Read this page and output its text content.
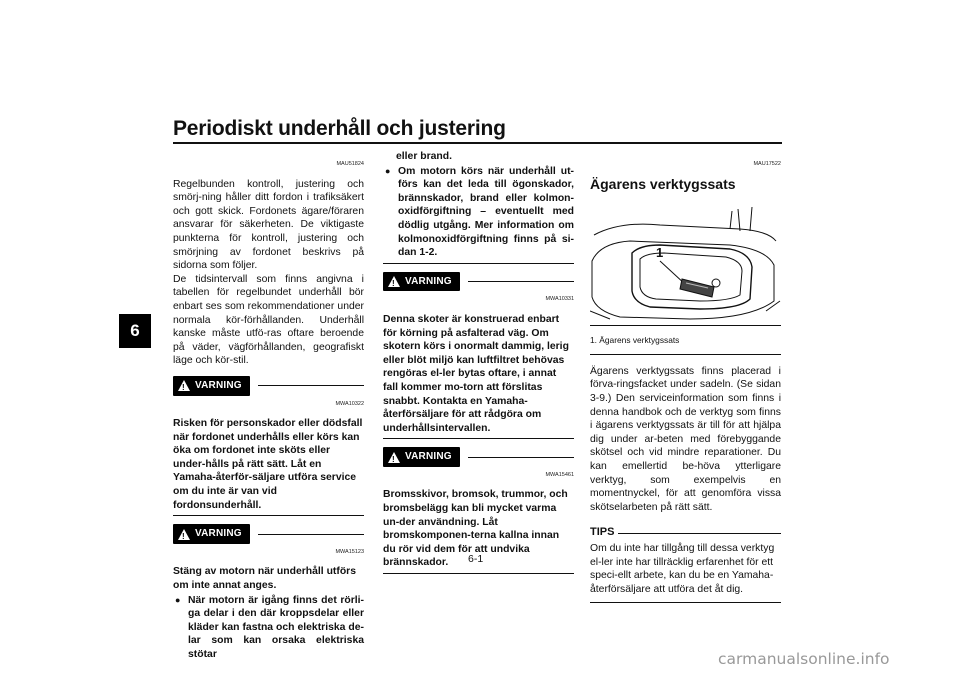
Periodiskt underhåll och justering
6
MAU51824

Regelbunden kontroll, justering och smörj-ning håller ditt fordon i trafiksäkert och gott skick. Fordonets ägare/föraren ansvarar för säkerheten. De viktigaste punkterna för kontroll, justering och smörjning av fordonet beskrivs på sidorna som följer.

De tidsintervall som finns angivna i tabellen för regelbundet underhåll bör enbart ses som rekommendationer under normala kör-förhållanden. Underhåll kanske måste utfö-ras oftare beroende på väder, vägförhållanden, geografiskt läge och kör-stil.

!
VARNING
MWA10322
Risken för personskador eller dödsfall när fordonet underhålls eller körs kan öka om fordonet inte sköts eller under-hålls på rätt sätt. Låt en Yamaha-återför-säljare utföra service om du inte är van vid fordonsunderhåll.
!
VARNING
MWA15123
Stäng av motorn när underhåll utförs om inte annat anges.
● När motorn är igång finns det rörli-ga delar i den där kroppsdelar eller kläder kan fastna och elektriska de-lar som kan orsaka elektriska stötar
eller brand.
● Om motorn körs när underhåll ut-förs kan det leda till ögonskador, brännskador, brand eller kolmon-oxidförgiftning – eventuellt med dödlig utgång. Mer information om kolmonoxidförgiftning finns på si-dan 1-2.
!
VARNING
MWA10331
Denna skoter är konstruerad enbart för körning på asfalterad väg. Om skotern körs i onormalt dammig, lerig eller blöt miljö kan luftfiltret behövas rengöras el-ler bytas oftare, i annat fall kommer mo-torn att förslitas snabbt. Kontakta en Yamaha-återförsäljare för att rådgöra om underhållsintervallen.
!
VARNING
MWA15461
Bromsskivor, bromsok, trummor, och bromsbelägg kan bli mycket varma un-der användning. Låt bromskomponen-terna kallna innan du rör vid dem för att undvika brännskador.
MAU17522
Ägarens verktygssats
1
1. Ägarens verktygssats

Ägarens verktygssats finns placerad i förva-ringsfacket under sadeln. (Se sidan 3-9.) Den serviceinformation som finns i denna handbok och de verktyg som finns i ägarens verktygssats är till för att hjälpa dig under ar-beten med förebyggande skötsel och vid mindre reparationer. Du kan emellertid be-höva ytterligare verktyg, som exempelvis en momentnyckel, för att genomföra vissa skötselarbeten på rätt sätt.

TIPS
Om du inte har tillgång till dessa verktyg el-ler inte har tillräcklig erfarenhet för ett speci-ellt arbete, kan du be en Yamaha-återförsäljare att utföra det åt dig.
6-1
carmanualsonline.info
